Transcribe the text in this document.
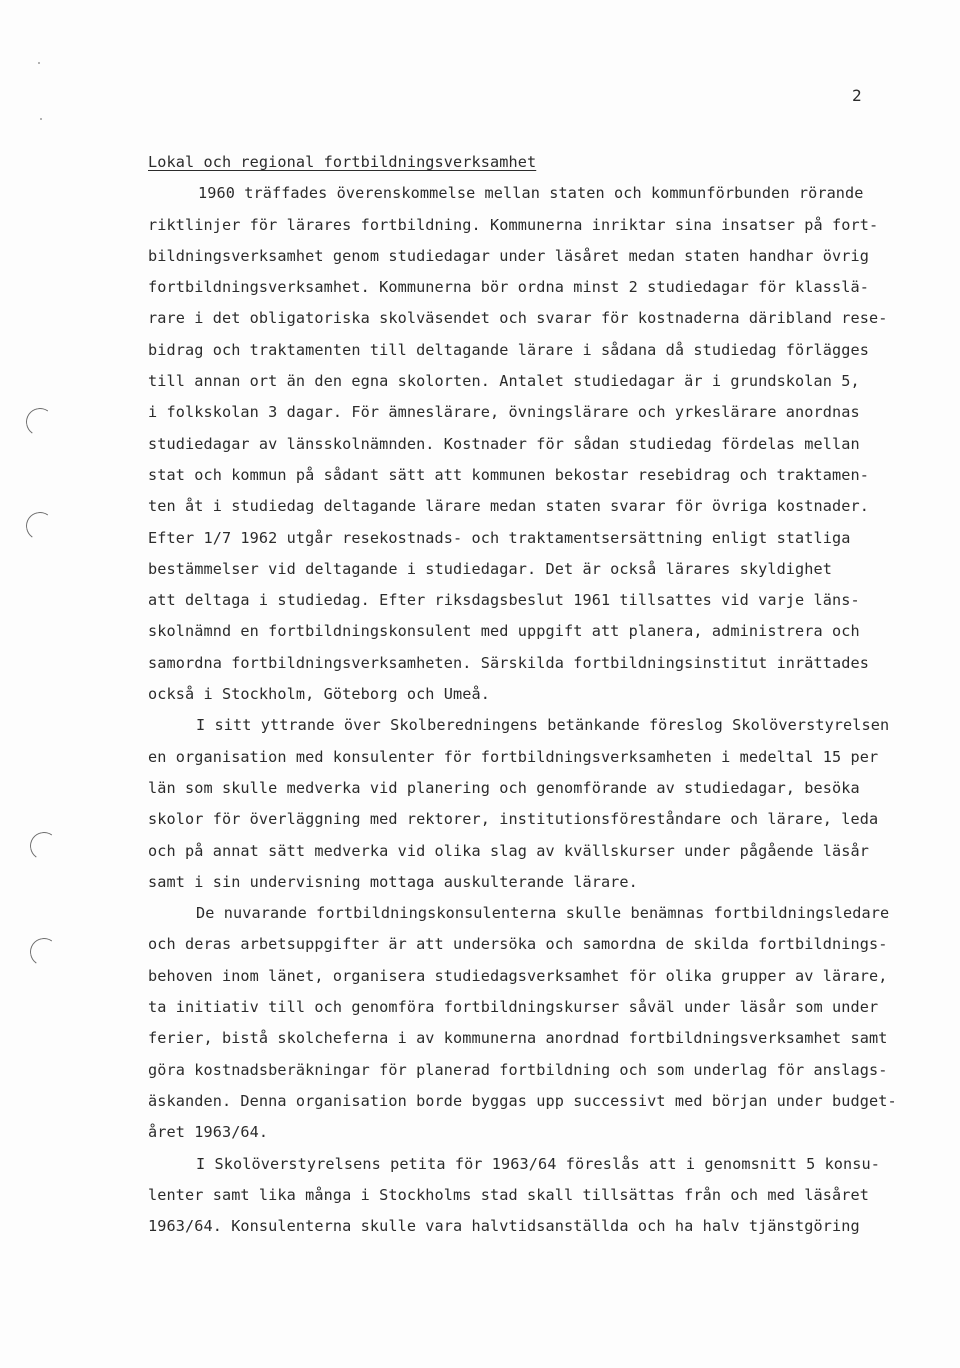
2
Lokal och regional fortbildningsverksamhet
1960 träffades överenskommelse mellan staten och kommunförbunden rörande
riktlinjer för lärares fortbildning. Kommunerna inriktar sina insatser på fort-
bildningsverksamhet genom studiedagar under läsåret medan staten handhar övrig
fortbildningsverksamhet. Kommunerna bör ordna minst 2 studiedagar för klasslä-
rare i det obligatoriska skolväsendet och svarar för kostnaderna däribland rese-
bidrag och traktamenten till deltagande lärare i sådana då studiedag förlägges
till annan ort än den egna skolorten. Antalet studiedagar är i grundskolan 5,
i folkskolan 3 dagar. För ämneslärare, övningslärare och yrkeslärare anordnas
studiedagar av länsskolnämnden. Kostnader för sådan studiedag fördelas mellan
stat och kommun på sådant sätt att kommunen bekostar resebidrag och traktamen-
ten åt i studiedag deltagande lärare medan staten svarar för övriga kostnader.
Efter 1/7 1962 utgår resekostnads- och traktamentsersättning enligt statliga
bestämmelser vid deltagande i studiedagar. Det är också lärares skyldighet
att deltaga i studiedag. Efter riksdagsbeslut 1961 tillsattes vid varje läns-
skolnämnd en fortbildningskonsulent med uppgift att planera, administrera och
samordna fortbildningsverksamheten. Särskilda fortbildningsinstitut inrättades
också i Stockholm, Göteborg och Umeå.
I sitt yttrande över Skolberedningens betänkande föreslog Skolöverstyrelsen
en organisation med konsulenter för fortbildningsverksamheten i medeltal 15 per
län som skulle medverka vid planering och genomförande av studiedagar, besöka
skolor för överläggning med rektorer, institutionsföreståndare och lärare, leda
och på annat sätt medverka vid olika slag av kvällskurser under pågående läsår
samt i sin undervisning mottaga auskulterande lärare.
De nuvarande fortbildningskonsulenterna skulle benämnas fortbildningsledare
och deras arbetsuppgifter är att undersöka och samordna de skilda fortbildnings-
behoven inom länet, organisera studiedagsverksamhet för olika grupper av lärare,
ta initiativ till och genomföra fortbildningskurser såväl under läsår som under
ferier, bistå skolcheferna i av kommunerna anordnad fortbildningsverksamhet samt
göra kostnadsberäkningar för planerad fortbildning och som underlag för anslags-
äskanden. Denna organisation borde byggas upp successivt med början under budget-
året 1963/64.
I Skolöverstyrelsens petita för 1963/64 föreslås att i genomsnitt 5 konsu-
lenter samt lika många i Stockholms stad skall tillsättas från och med läsåret
1963/64. Konsulenterna skulle vara halvtidsanställda och ha halv tjänstgöring
